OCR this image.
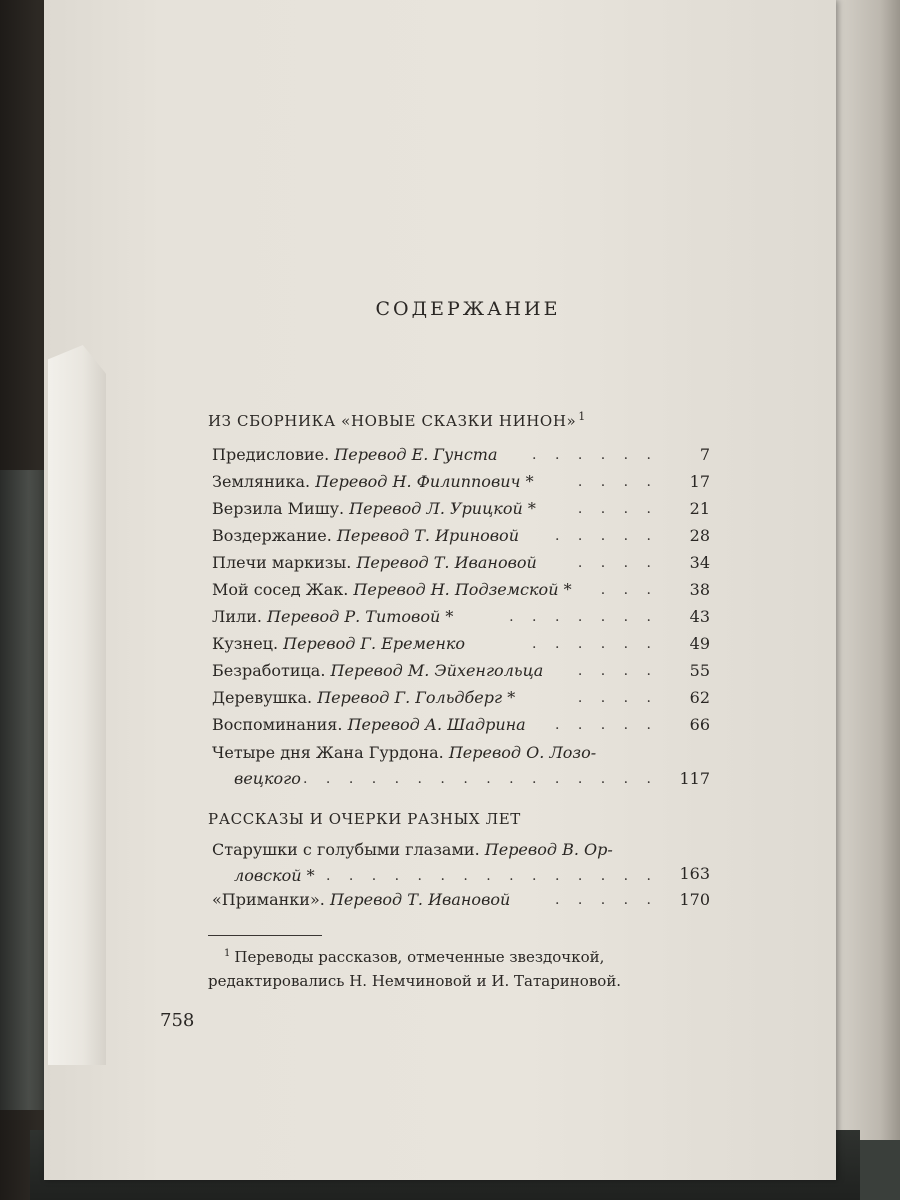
СОДЕРЖАНИЕ
ИЗ СБОРНИКА «НОВЫЕ СКАЗКИ НИНОН» $^1$
Предисловие. Перевод Е. Гунста . . . . . .	7
Земляника. Перевод Н. Филиппович *	. . . . 17
Верзила Мишу. Перевод Л. Урицкой *	. . . . 21
Воздержание. Перевод Т. Ириновой	. . . . . 28
Плечи маркизы. Перевод Т. Ивановой	. . . . 34
Мой сосед Жак. Перевод Н. Подземской * . . . 38
Лили. Перевод Р. Титовой *	. . . . . . . 43
Кузнец. Перевод Г. Еременко	. . . . . . 49
Безработица. Перевод М. Эйхенгольца . . . . 55
Деревушка. Перевод Г. Гольдберг *	. . . . 62
Воспоминания. Перевод А. Шадрина . . . . . 66
Четыре дня Жана Гурдона. Перевод О. Лозо-
вецкого . . . . . . . . . . . . . . . . 117
РАССКАЗЫ И ОЧЕРКИ РАЗНЫХ ЛЕТ
Старушки с голубыми глазами. Перевод В. Ор-
ловской * . . . . . . . . . . . . . . . 163
«Приманки». Перевод Т. Ивановой	. . . . . 170
$^1$ Переводы рассказов, отмеченные звездочкой,
редактировались Н. Немчиновой и И. Татариновой.
758
